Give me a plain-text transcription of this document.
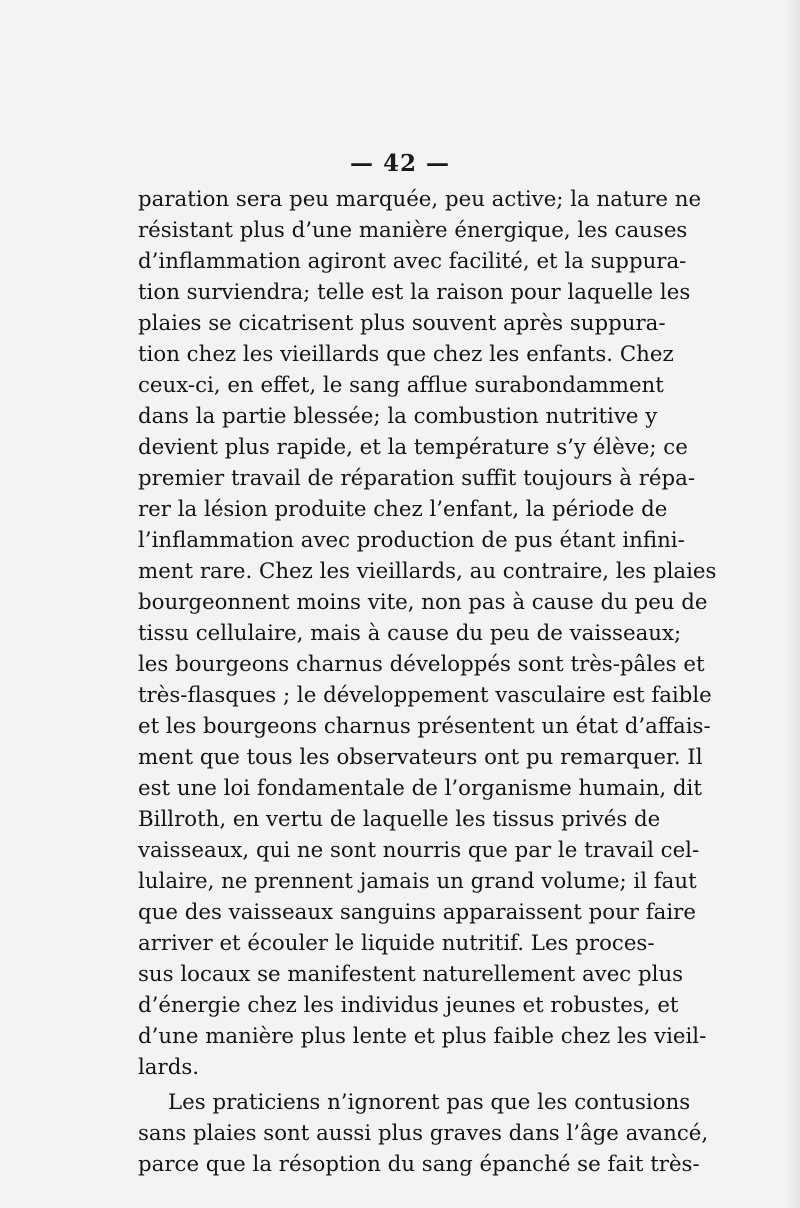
— 42 —
paration sera peu marquée, peu active; la nature ne
résistant plus d’une manière énergique, les causes
d’inflammation agiront avec facilité, et la suppura-
tion surviendra; telle est la raison pour laquelle les
plaies se cicatrisent plus souvent après suppura-
tion chez les vieillards que chez les enfants. Chez
ceux-ci, en effet, le sang afflue surabondamment
dans la partie blessée; la combustion nutritive y
devient plus rapide, et la température s’y élève; ce
premier travail de réparation suffit toujours à répa-
rer la lésion produite chez l’enfant, la période de
l’inflammation avec production de pus étant infini-
ment rare. Chez les vieillards, au contraire, les plaies
bourgeonnent moins vite, non pas à cause du peu de
tissu cellulaire, mais à cause du peu de vaisseaux;
les bourgeons charnus développés sont très-pâles et
très-flasques ; le développement vasculaire est faible
et les bourgeons charnus présentent un état d’affais-
ment que tous les observateurs ont pu remarquer. Il
est une loi fondamentale de l’organisme humain, dit
Billroth, en vertu de laquelle les tissus privés de
vaisseaux, qui ne sont nourris que par le travail cel-
lulaire, ne prennent jamais un grand volume; il faut
que des vaisseaux sanguins apparaissent pour faire
arriver et écouler le liquide nutritif. Les proces-
sus locaux se manifestent naturellement avec plus
d’énergie chez les individus jeunes et robustes, et
d’une manière plus lente et plus faible chez les vieil-
lards.
Les praticiens n’ignorent pas que les contusions
sans plaies sont aussi plus graves dans l’âge avancé,
parce que la résoption du sang épanché se fait très-
